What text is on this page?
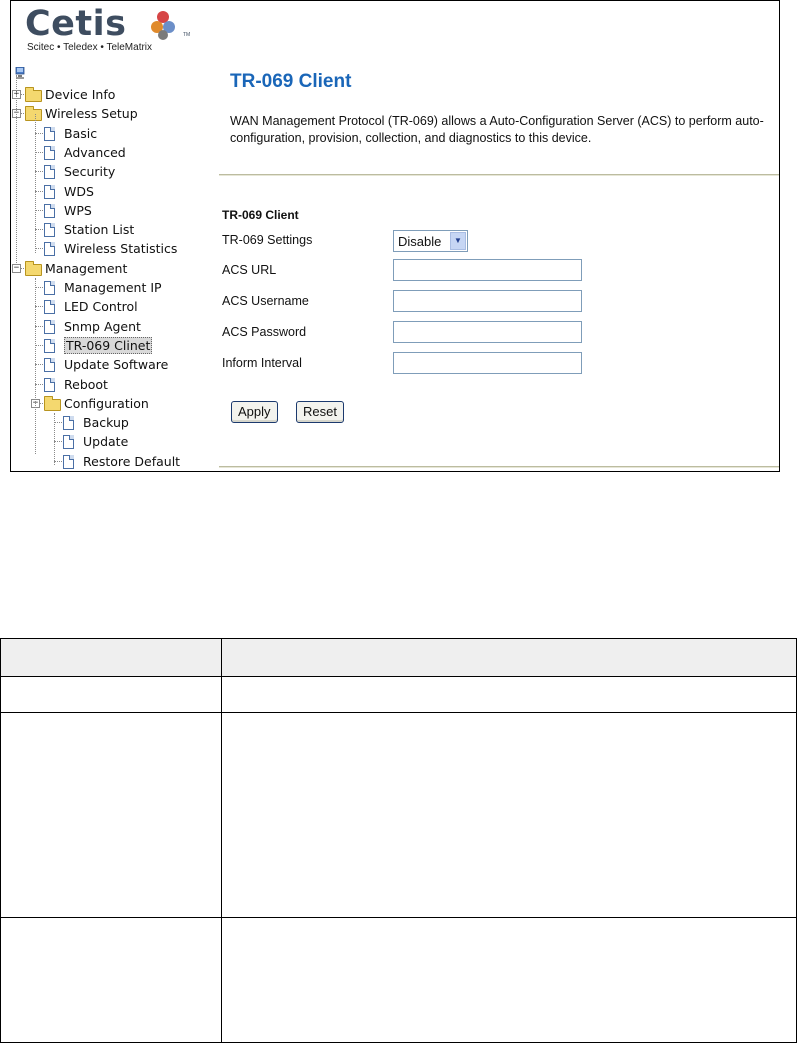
Cetis	TM
Scitec • Teledex • TeleMatrix
+ Device Info
− Wireless Setup
Basic
Advanced
Security
WDS
WPS
Station List
Wireless Statistics
− Management
Management IP
LED Control
Snmp Agent
TR-069 Clinet
Update Software
Reboot
− Configuration
Backup
Update
Restore Default
TR-069 Client
WAN Management Protocol (TR-069) allows a Auto-Configuration Server (ACS) to perform auto-configuration, provision, collection, and diagnostics to this device.
TR-069 Client
TR-069 Settings	Disable	▼
ACS URL
ACS Username
ACS Password
Inform Interval
Apply	Reset
